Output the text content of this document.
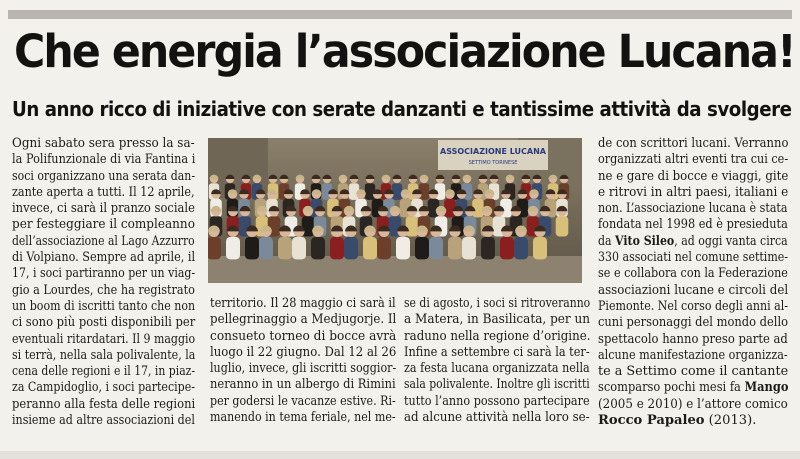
Che energia l’associazione Lucana!
Un anno ricco di iniziative con serate danzanti e tantissime attività da svolgere
Ogni sabato sera presso la sa-
la Polifunzionale di via Fantina i
soci organizzano una serata dan-
zante aperta a tutti. Il 12 aprile,
invece, ci sarà il pranzo sociale
per festeggiare il compleanno
dell’associazione al Lago Azzurro
di Volpiano. Sempre ad aprile, il
17, i soci partiranno per un viag-
gio a Lourdes, che ha registrato
un boom di iscritti tanto che non
ci sono più posti disponibili per
eventuali ritardatari. Il 9 maggio
si terrà, nella sala polivalente, la
cena delle regioni e il 17, in piaz-
za Campidoglio, i soci partecipe-
peranno alla festa delle regioni
insieme ad altre associazioni del
ASSOCIAZIONE LUCANA
SETTIMO TORINESE
territorio. Il 28 maggio ci sarà il
pellegrinaggio a Medjugorje. Il
consueto torneo di bocce avrà
luogo il 22 giugno. Dal 12 al 26
luglio, invece, gli iscritti soggior-
neranno in un albergo di Rimini
per godersi le vacanze estive. Ri-
manendo in tema feriale, nel me-
se di agosto, i soci si ritroveranno
a Matera, in Basilicata, per un
raduno nella regione d’origine.
Infine a settembre ci sarà la ter-
za festa lucana organizzata nella
sala polivalente. Inoltre gli iscritti
tutto l’anno possono partecipare
ad alcune attività nella loro se-
de con scrittori lucani. Verranno
organizzati altri eventi tra cui ce-
ne e gare di bocce e viaggi, gite
e ritrovi in altri paesi, italiani e
non. L’associazione lucana è stata
fondata nel 1998 ed è presieduta
da Vito Sileo, ad oggi vanta circa
330 associati nel comune settime-
se e collabora con la Federazione
associazioni lucane e circoli del
Piemonte. Nel corso degli anni al-
cuni personaggi del mondo dello
spettacolo hanno preso parte ad
alcune manifestazione organizza-
te a Settimo come il cantante
scomparso pochi mesi fa Mango
(2005 e 2010) e l’attore comico
Rocco Papaleo (2013).
